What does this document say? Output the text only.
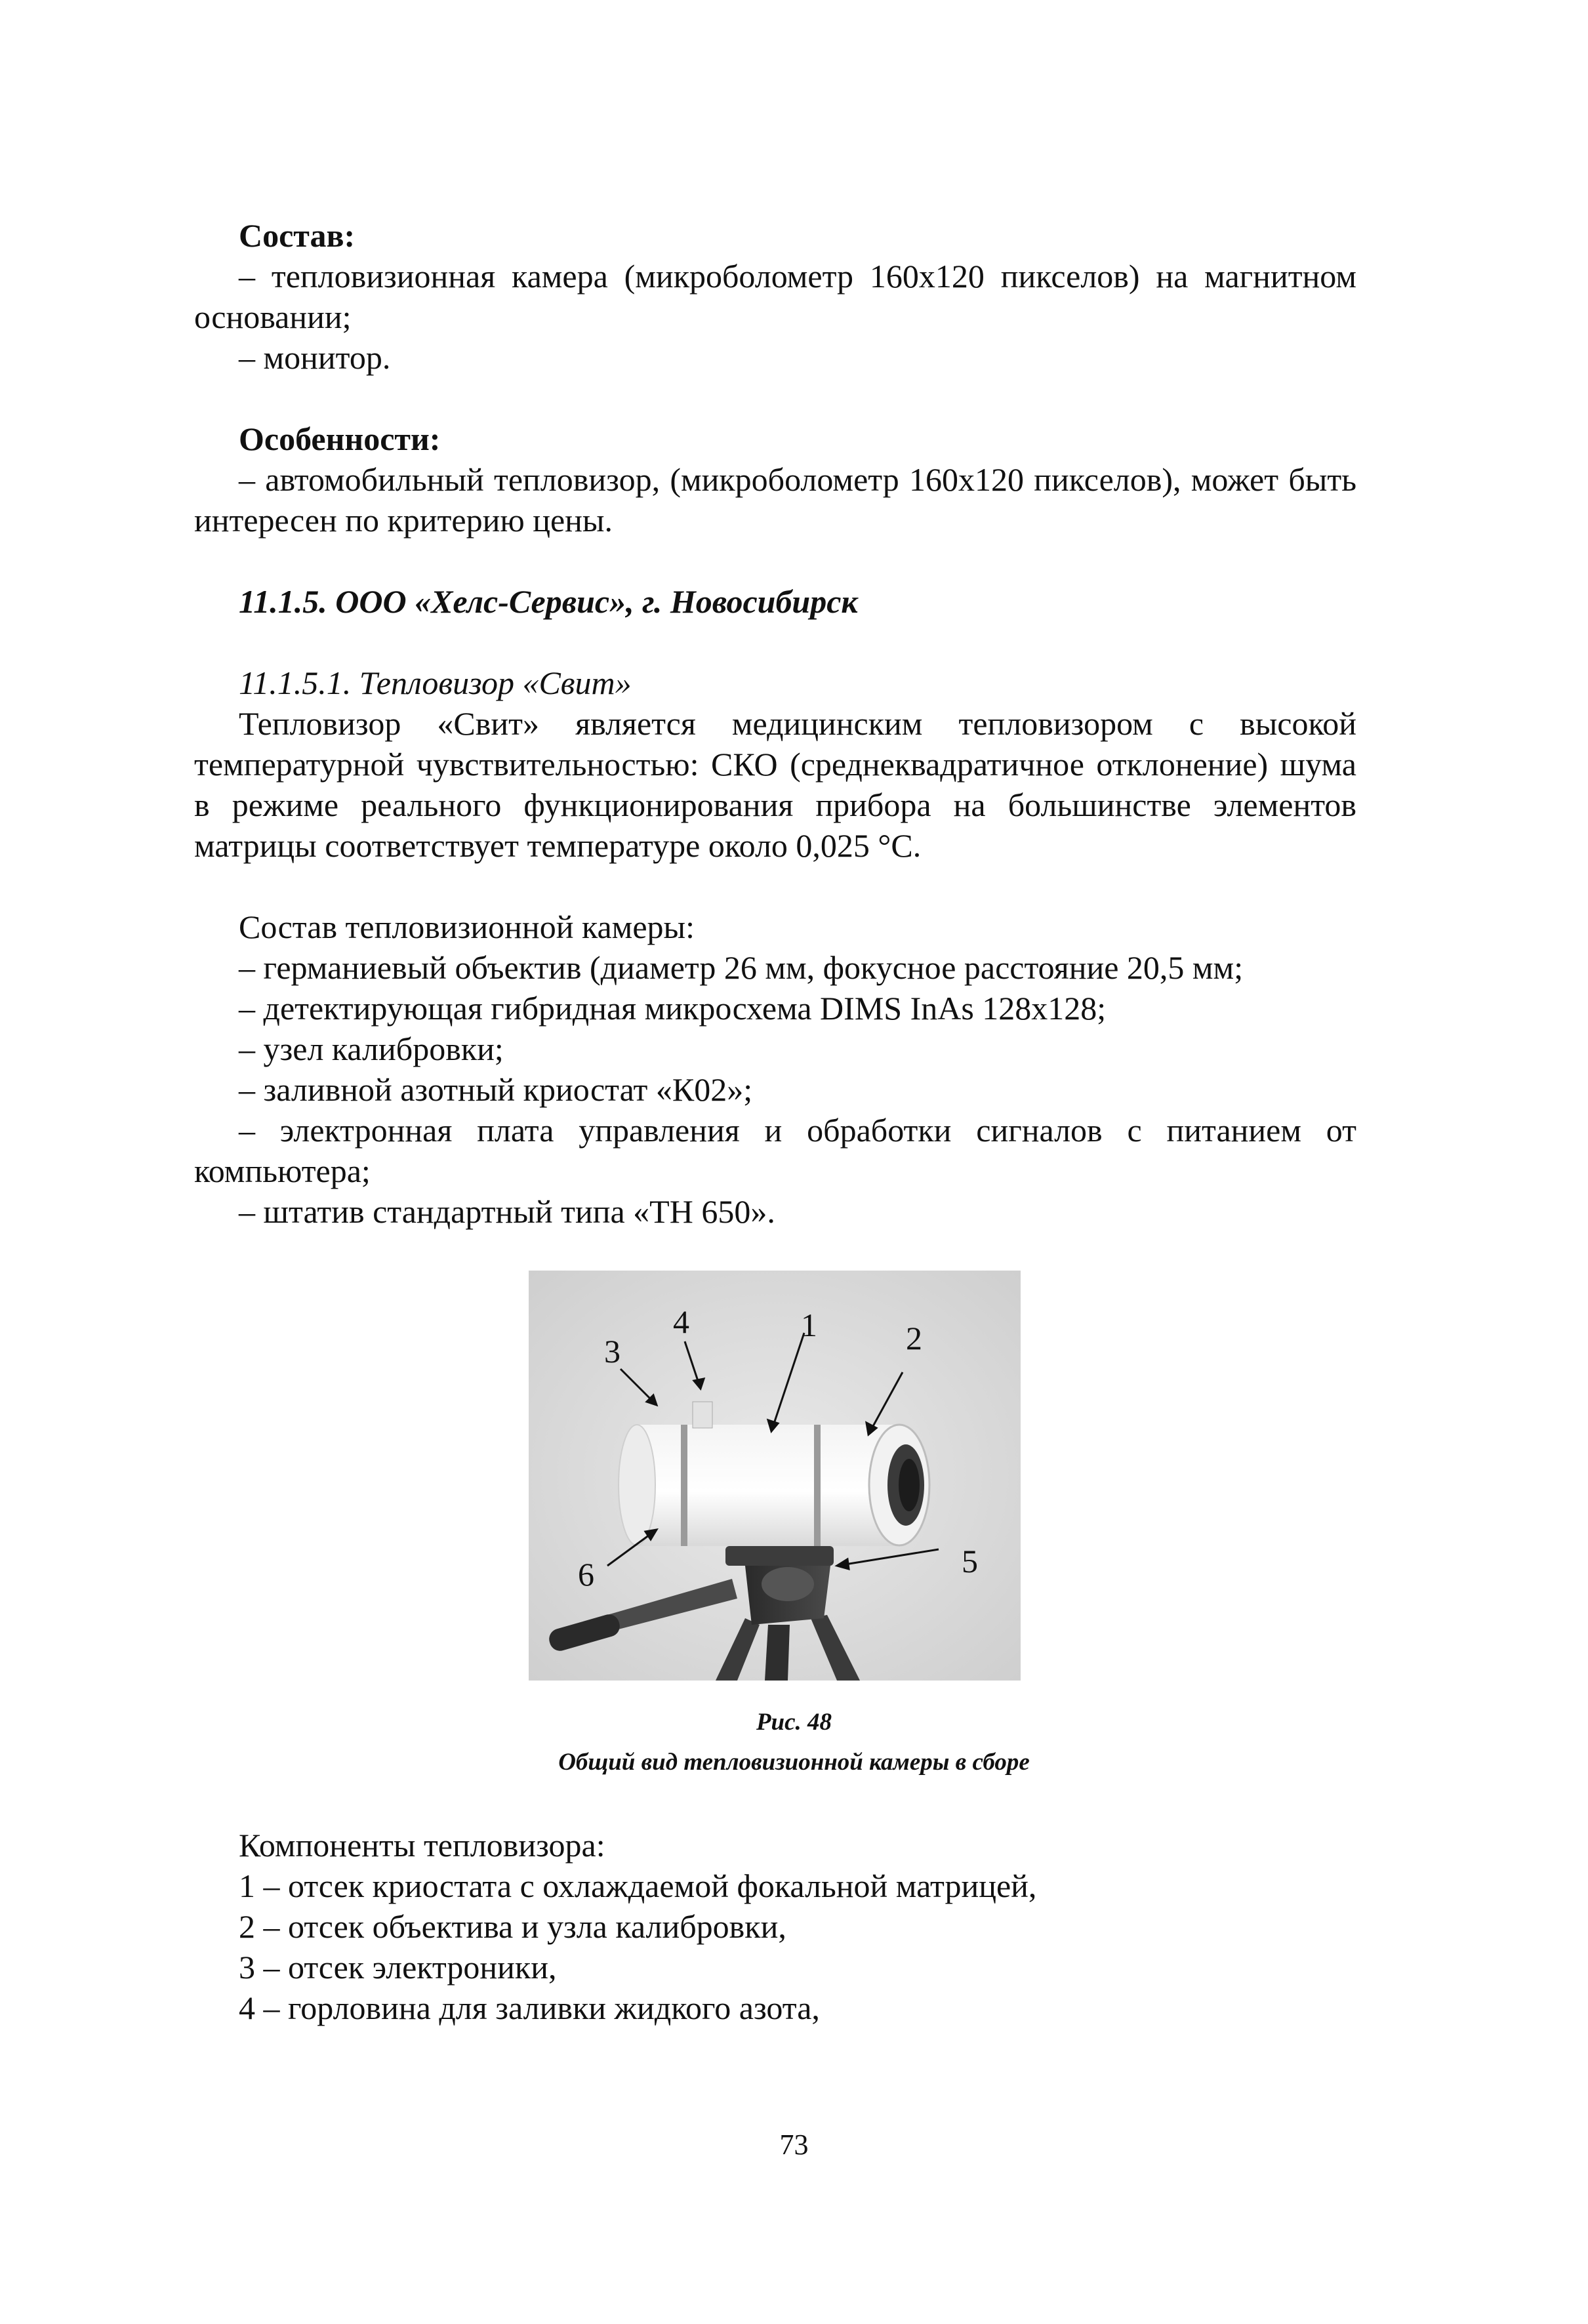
Состав:

– тепловизионная камера (микроболометр 160х120 пикселов) на магнитном основании;

– монитор.

Особенности:

– автомобильный тепловизор, (микроболометр 160х120 пикселов), может быть интересен по критерию цены.

11.1.5. ООО «Хелс-Сервис», г. Новосибирск

11.1.5.1. Тепловизор «Свит»

Тепловизор «Свит» является медицинским тепловизором с высокой температурной чувствительностью: СКО (среднеквадратичное отклонение) шума в режиме реального функционирования прибора на большинстве элементов матрицы соответствует температуре около 0,025 °С.

Состав тепловизионной камеры:

– германиевый объектив (диаметр 26 мм, фокусное расстояние 20,5 мм;

– детектирующая гибридная микросхема DIMS InAs 128х128;

– узел калибровки;

– заливной азотный криостат «К02»;

– электронная плата управления и обработки сигналов с питанием от компьютера;

– штатив стандартный типа «ТН 650».

3
4	1	2
5
6
Рис. 48
Общий вид тепловизионной камеры в сборе

Компоненты тепловизора:

1 – отсек криостата с охлаждаемой фокальной матрицей,

2 – отсек объектива и узла калибровки,

3 – отсек электроники,

4 – горловина для заливки жидкого азота,

73
